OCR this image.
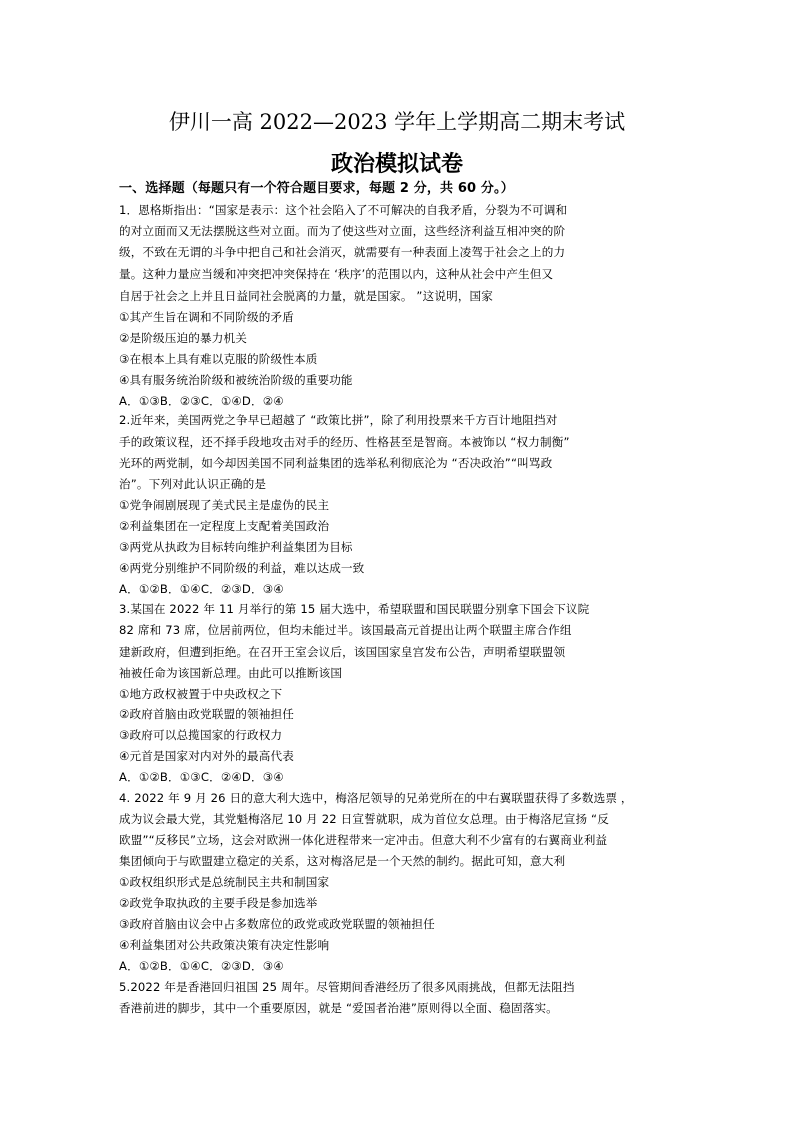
伊川一高 2022—2023 学年上学期高二期末考试
政治模拟试卷
一、选择题（每题只有一个符合题目要求，每题 2 分，共 60 分。）
1．恩格斯指出：“国家是表示：这个社会陷入了不可解决的自我矛盾，分裂为不可调和
的对立面而又无法摆脱这些对立面。而为了使这些对立面，这些经济利益互相冲突的阶
级，不致在无谓的斗争中把自己和社会消灭，就需要有一种表面上凌驾于社会之上的力
量。这种力量应当缓和冲突把冲突保持在 ‘秩序’的范围以内，这种从社会中产生但又
自居于社会之上并且日益同社会脱离的力量，就是国家。 ”这说明，国家
①其产生旨在调和不同阶级的矛盾
②是阶级压迫的暴力机关
③在根本上具有难以克服的阶级性本质
④具有服务统治阶级和被统治阶级的重要功能
A．①③B．②③C．①④D．②④
2.近年来，美国两党之争早已超越了 “政策比拼”，除了利用投票来千方百计地阻挡对
手的政策议程，还不择手段地攻击对手的经历、性格甚至是智商。本被饰以 “权力制衡”
光环的两党制，如今却因美国不同利益集团的选举私利彻底沦为 “否决政治”“叫骂政
治”。下列对此认识正确的是
①党争闹剧展现了美式民主是虚伪的民主
②利益集团在一定程度上支配着美国政治
③两党从执政为目标转向维护利益集团为目标
④两党分别维护不同阶级的利益，难以达成一致
A．①②B．①④C．②③D．③④
3.某国在 2022 年 11 月举行的第 15 届大选中，希望联盟和国民联盟分别拿下国会下议院
82 席和 73 席，位居前两位，但均未能过半。该国最高元首提出让两个联盟主席合作组
建新政府，但遭到拒绝。在召开王室会议后，该国国家皇宫发布公告，声明希望联盟领
袖被任命为该国新总理。由此可以推断该国
①地方政权被置于中央政权之下
②政府首脑由政党联盟的领袖担任
③政府可以总揽国家的行政权力
④元首是国家对内对外的最高代表
A．①②B．①③C．②④D．③④
4. 2022 年 9 月 26 日的意大利大选中，梅洛尼领导的兄弟党所在的中右翼联盟获得了多数选票 ，
成为议会最大党，其党魁梅洛尼 10 月 22 日宣誓就职，成为首位女总理。由于梅洛尼宣扬 “反
欧盟”“反移民”立场，这会对欧洲一体化进程带来一定冲击。但意大利不少富有的右翼商业利益
集团倾向于与欧盟建立稳定的关系，这对梅洛尼是一个天然的制约。据此可知，意大利
①政权组织形式是总统制民主共和制国家
②政党争取执政的主要手段是参加选举
③政府首脑由议会中占多数席位的政党或政党联盟的领袖担任
④利益集团对公共政策决策有决定性影响
A．①②B．①④C．②③D．③④
5.2022 年是香港回归祖国 25 周年。尽管期间香港经历了很多风雨挑战，但都无法阻挡
香港前进的脚步，其中一个重要原因，就是 “爱国者治港”原则得以全面、稳固落实。
